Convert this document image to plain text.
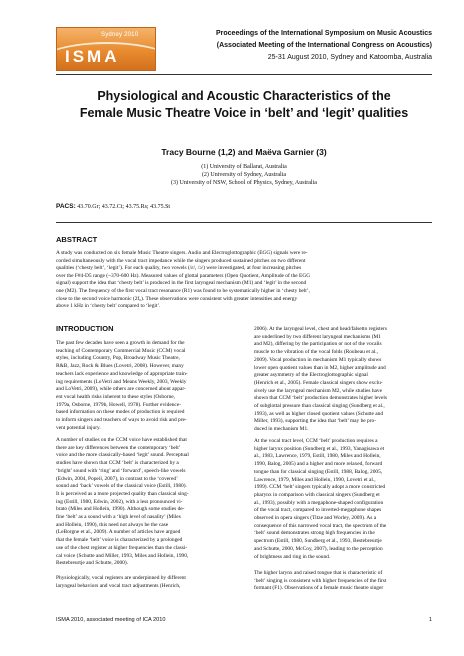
Sydney 2010
ISMA
Proceedings of the International Symposium on Music Acoustics
(Associated Meeting of the International Congress on Acoustics)
25-31 August 2010, Sydney and Katoomba, Australia
Physiological and Acoustic Characteristics of the
Female Music Theatre Voice in ‘belt’ and ‘legit’ qualities
Tracy Bourne (1,2) and Maëva Garnier (3)
(1) University of Ballarat, Australia
(2) University of Sydney, Australia
(3) University of NSW, School of Physics, Sydney, Australia
PACS: 43.70.Gr; 43.72.Ct; 43.75.Rs; 43.75.St
ABSTRACT
A study was conducted on six female Music Theatre singers. Audio and Electroglottographic (EGG) signals were re-
corded simultaneously with the vocal tract impedance while the singers produced sustained pitches on two different
qualities (‘chesty belt’, ‘legit’). For each quality, two vowels (/ɛ/, /ɔ/) were investigated, at four increasing pitches
over the F#4-D5 range (~370-600 Hz). Measured values of glottal parameters (Open Quotient, Amplitude of the EGG
signal) support the idea that ‘chesty belt’ is produced in the first laryngeal mechanism (M1) and ‘legit’ in the second
one (M2). The frequency of the first vocal tract resonance (R1) was found to be systematically higher in ‘chesty belt’,
close to the second voice harmonic (2f₀). These observations were consistent with greater intensities and energy
above 1 kHz in ‘chesty belt’ compared to ‘legit’.
INTRODUCTION
The past few decades have seen a growth in demand for the
teaching of Contemporary Commercial Music (CCM) vocal
styles, including Country, Pop, Broadway Music Theatre,
R&B, Jazz, Rock & Blues (Lovetri, 2008). However, many
teachers lack experience and knowledge of appropriate train-
ing requirements (LoVetri and Means Weekly, 2003, Weekly
and LoVetri, 2009), while others are concerned about appar-
ent vocal health risks inherent to these styles (Osborne,
1979a, Osborne, 1979b, Howell, 1978). Further evidence-
based information on these modes of production is required
to inform singers and teachers of ways to avoid risk and pre-
vent potential injury.
A number of studies on the CCM voice have established that
there are key differences between the contemporary ‘belt’
voice and the more classically-based ‘legit’ sound. Perceptual
studies have shown that CCM ‘belt’ is characterized by a
‘bright’ sound with ‘ring’ and ‘forward’, speech-like vowels
(Edwin, 2004, Popeil, 2007), in contrast to the ‘covered’
sound and ‘back’ vowels of the classical voice (Estill, 1980).
It is perceived as a more projected quality than classical sing-
ing (Estill, 1980, Edwin, 2002), with a less pronounced vi-
brato (Miles and Hollein, 1990). Although some studies de-
fine ‘belt’ as a sound with a ‘high level of nasality’ (Miles
and Hollein, 1990), this need not always be the case
(LeBorgne et al., 2009). A number of articles have argued
that the female ‘belt’ voice is characterized by a prolonged
use of the chest register at higher frequencies than the classi-
cal voice (Schutte and Miller, 1993, Miles and Hollein, 1990,
Bestebreurtje and Schutte, 2000).
Physiologically, vocal registers are underpinned by different
laryngeal behaviors and vocal tract adjustments (Henrich,
2006). At the laryngeal level, chest and head/falsetto registers
are underlined by two different laryngeal mechanisms (M1
and M2), differing by the participation or not of the vocalis
muscle to the vibration of the vocal folds (Roubeau et al.,
2009). Vocal production in mechanism M1 typically shows
lower open quotient values than in M2, higher amplitude and
greater asymmetry of the Electroglottographic signal
(Henrich et al., 2005). Female classical singers show exclu-
sively use the laryngeal mechanism M2, while studies have
shown that CCM ‘belt’ production demonstrates higher levels
of subglottal pressure than classical singing (Sundberg et al.,
1993), as well as higher closed quotient values (Schutte and
Miller, 1993), supporting the idea that ‘belt’ may be pro-
duced in mechanism M1.
At the vocal tract level, CCM ‘belt’ production requires a
higher larynx position (Sundberg et al., 1993, Yanagisawa et
al., 1983, Lawrence, 1979, Estill, 1980, Miles and Hollein,
1990, Balog, 2005) and a higher and more relaxed, forward
tongue than for classical singing (Estill, 1988, Balog, 2005,
Lawrence, 1979, Miles and Hollein, 1990, Lovetri et al.,
1999). CCM ‘belt’ singers typically adopt a more constricted
pharynx in comparison with classical singers (Sundberg et
al., 1993), possibly with a megaphone-shaped configuration
of the vocal tract, compared to inverted-megaphone shapes
observed in opera singers (Titze and Worley, 2009). As a
consequence of this narrowed vocal tract, the spectrum of the
‘belt’ sound demonstrates strong high frequencies in the
spectrum (Estill, 1980, Sundberg et al., 1993, Bestebreurtje
and Schutte, 2000, McCoy, 2007), leading to the perception
of brightness and ring in the sound.
The higher larynx and raised tongue that is characteristic of
‘belt’ singing is consistent with higher frequencies of the first
formant (F1). Observations of a female music theatre singer
ISMA 2010, associated meeting of ICA 2010	1
